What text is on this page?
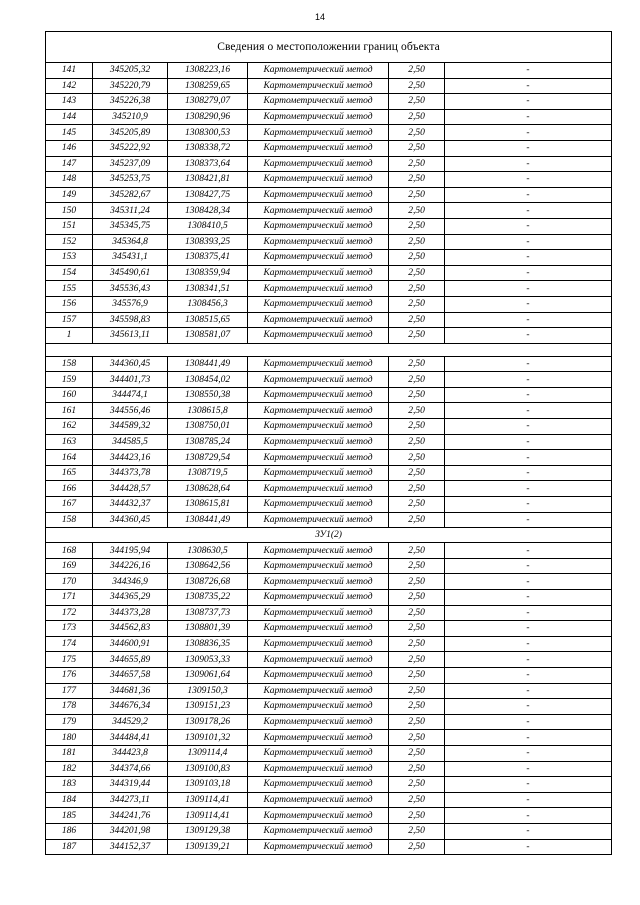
14
Сведения о местоположении границ объекта					
141	345205,32	1308223,16	Картометрический метод	2,50	-
142	345220,79	1308259,65	Картометрический метод	2,50	-
143	345226,38	1308279,07	Картометрический метод	2,50	-
144	345210,9	1308290,96	Картометрический метод	2,50	-
145	345205,89	1308300,53	Картометрический метод	2,50	-
146	345222,92	1308338,72	Картометрический метод	2,50	-
147	345237,09	1308373,64	Картометрический метод	2,50	-
148	345253,75	1308421,81	Картометрический метод	2,50	-
149	345282,67	1308427,75	Картометрический метод	2,50	-
150	345311,24	1308428,34	Картометрический метод	2,50	-
151	345345,75	1308410,5	Картометрический метод	2,50	-
152	345364,8	1308393,25	Картометрический метод	2,50	-
153	345431,1	1308375,41	Картометрический метод	2,50	-
154	345490,61	1308359,94	Картометрический метод	2,50	-
155	345536,43	1308341,51	Картометрический метод	2,50	-
156	345576,9	1308456,3	Картометрический метод	2,50	-
157	345598,83	1308515,65	Картометрический метод	2,50	-
1	345613,11	1308581,07	Картометрический метод	2,50	-

158	344360,45	1308441,49	Картометрический метод	2,50	-
159	344401,73	1308454,02	Картометрический метод	2,50	-
160	344474,1	1308550,38	Картометрический метод	2,50	-
161	344556,46	1308615,8	Картометрический метод	2,50	-
162	344589,32	1308750,01	Картометрический метод	2,50	-
163	344585,5	1308785,24	Картометрический метод	2,50	-
164	344423,16	1308729,54	Картометрический метод	2,50	-
165	344373,78	1308719,5	Картометрический метод	2,50	-
166	344428,57	1308628,64	Картометрический метод	2,50	-
167	344432,37	1308615,81	Картометрический метод	2,50	-
158	344360,45	1308441,49	Картометрический метод	2,50	-
ЗУ1(2)					
168	344195,94	1308630,5	Картометрический метод	2,50	-
169	344226,16	1308642,56	Картометрический метод	2,50	-
170	344346,9	1308726,68	Картометрический метод	2,50	-
171	344365,29	1308735,22	Картометрический метод	2,50	-
172	344373,28	1308737,73	Картометрический метод	2,50	-
173	344562,83	1308801,39	Картометрический метод	2,50	-
174	344600,91	1308836,35	Картометрический метод	2,50	-
175	344655,89	1309053,33	Картометрический метод	2,50	-
176	344657,58	1309061,64	Картометрический метод	2,50	-
177	344681,36	1309150,3	Картометрический метод	2,50	-
178	344676,34	1309151,23	Картометрический метод	2,50	-
179	344529,2	1309178,26	Картометрический метод	2,50	-
180	344484,41	1309101,32	Картометрический метод	2,50	-
181	344423,8	1309114,4	Картометрический метод	2,50	-
182	344374,66	1309100,83	Картометрический метод	2,50	-
183	344319,44	1309103,18	Картометрический метод	2,50	-
184	344273,11	1309114,41	Картометрический метод	2,50	-
185	344241,76	1309114,41	Картометрический метод	2,50	-
186	344201,98	1309129,38	Картометрический метод	2,50	-
187	344152,37	1309139,21	Картометрический метод	2,50	-
